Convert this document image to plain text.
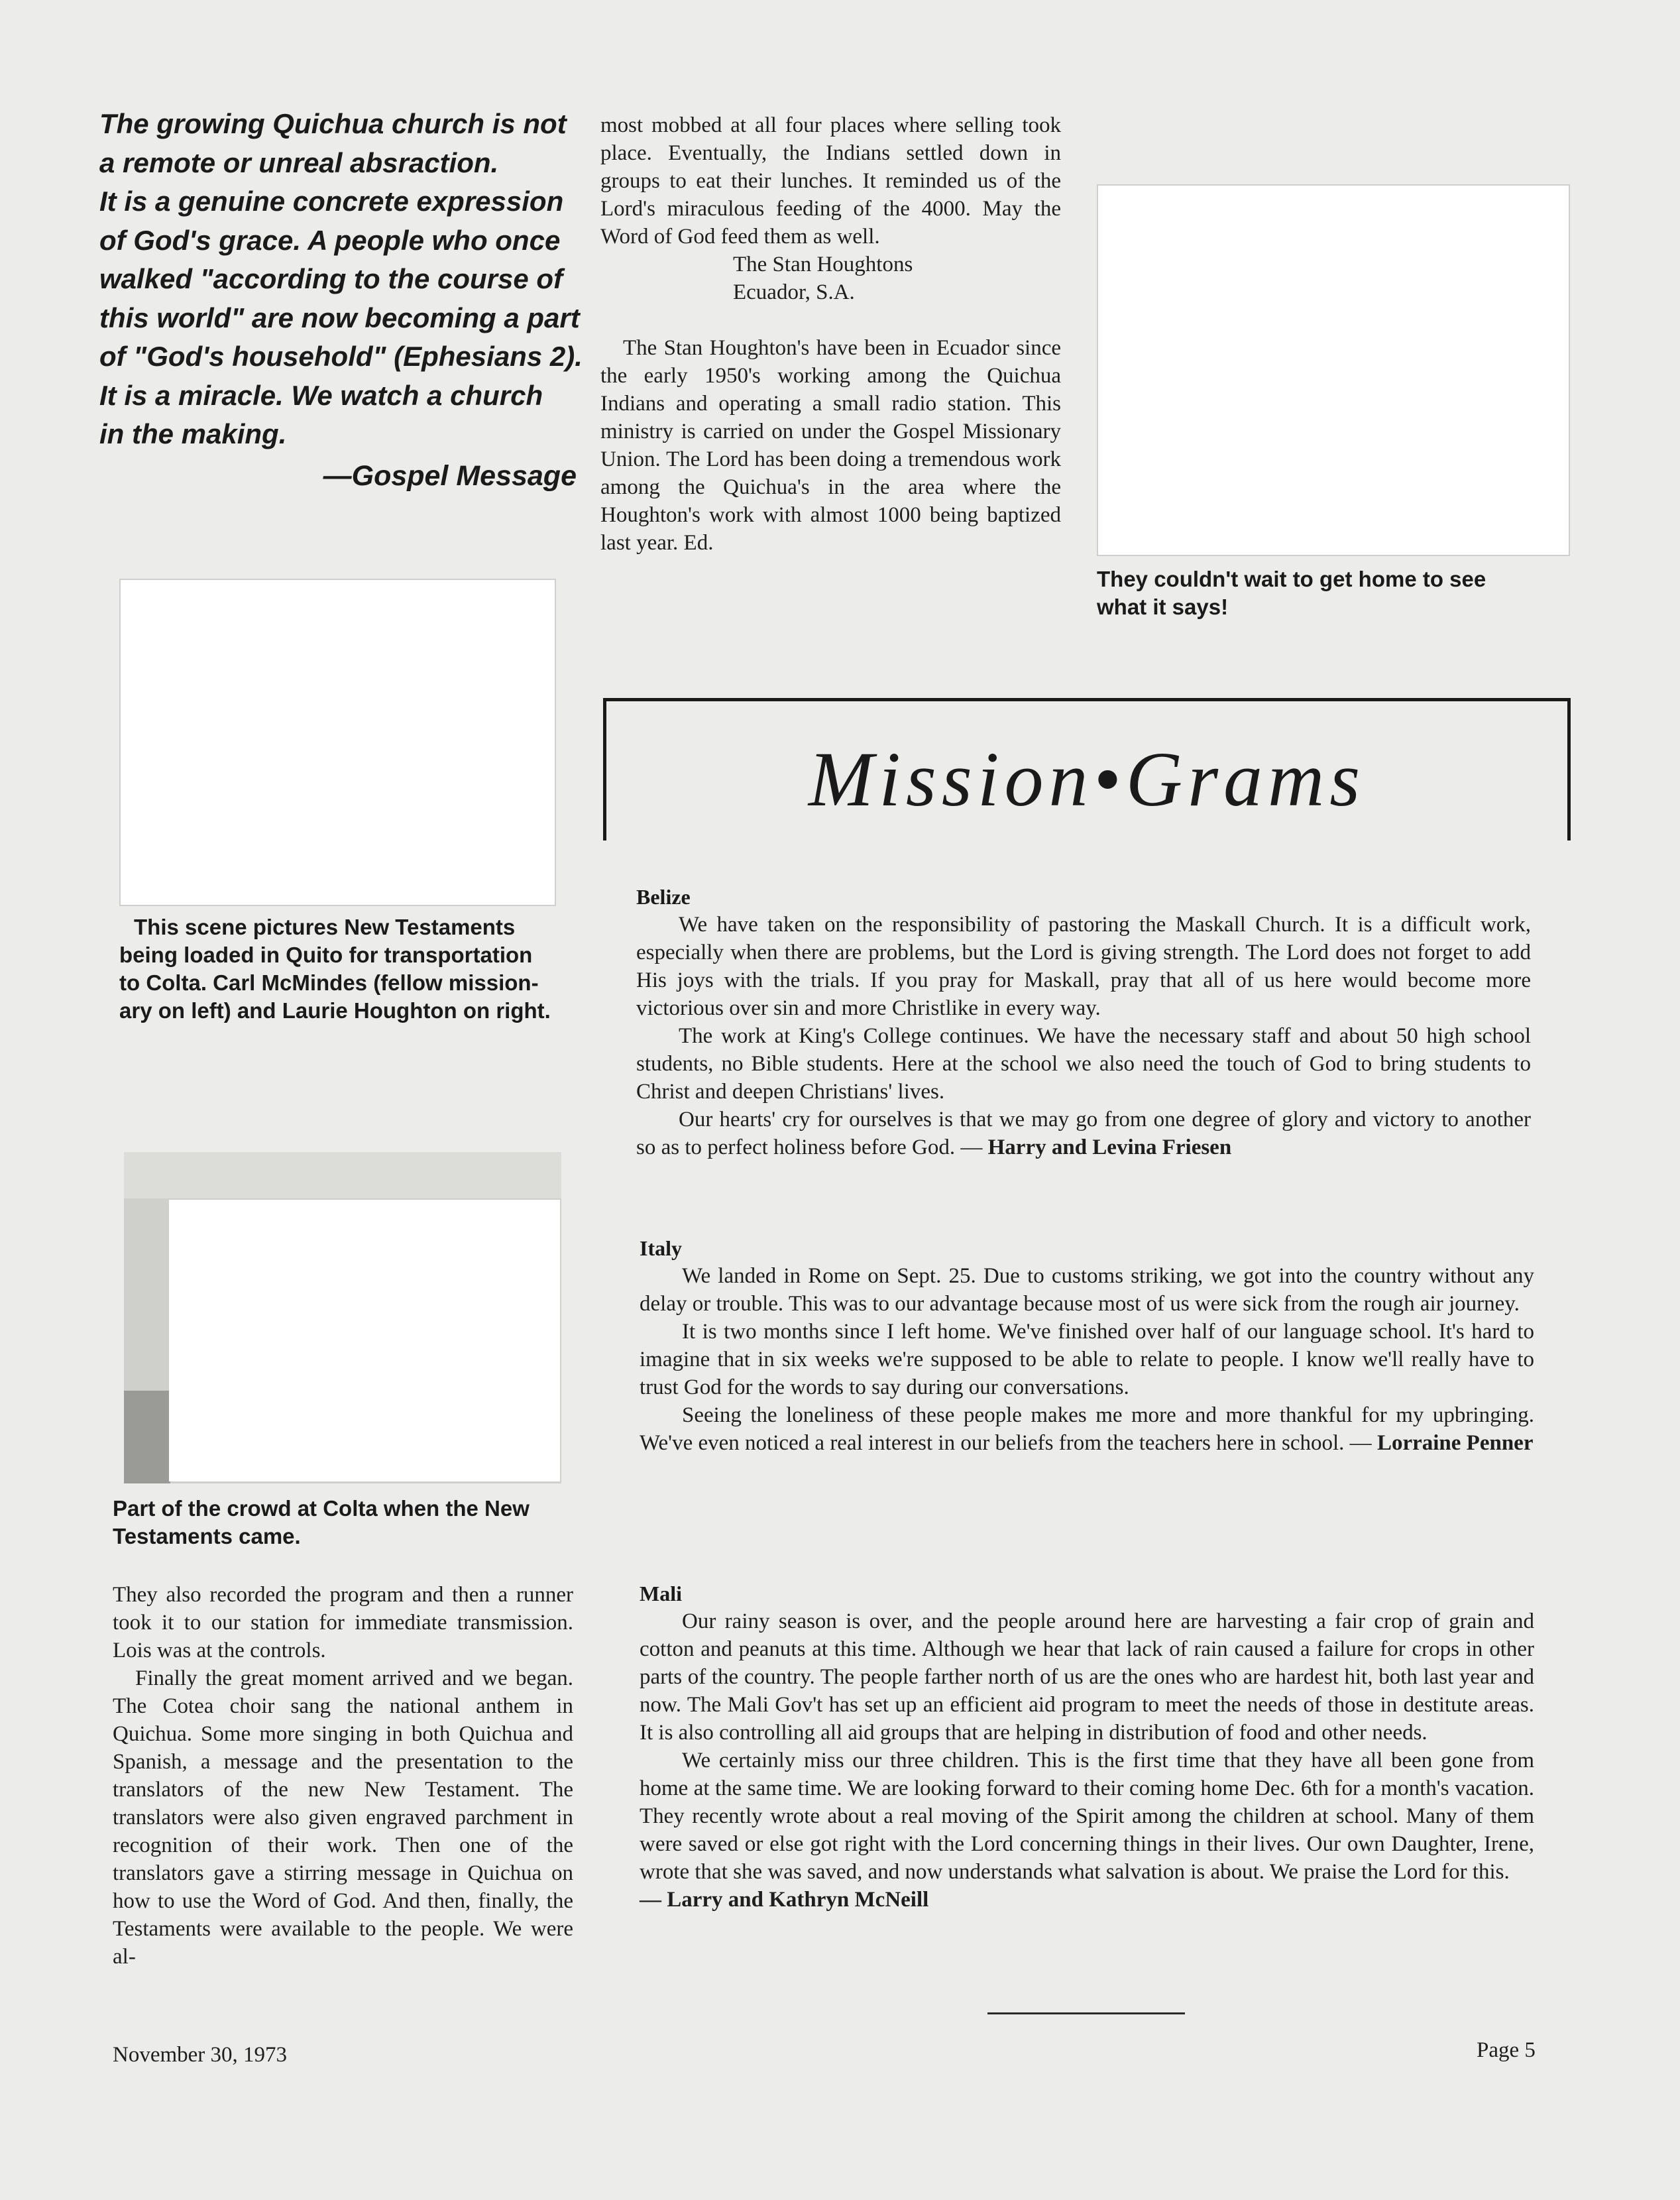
The growing Quichua church is not
a remote or unreal absraction.
It is a genuine concrete expression
of God's grace. A people who once
walked "according to the course of
this world" are now becoming a part
of "God's household" (Ephesians 2).
It is a miracle. We watch a church
in the making.
—Gospel Message
This scene pictures New Testaments
being loaded in Quito for transportation
to Colta. Carl McMindes (fellow mission-
ary on left) and Laurie Houghton on right.
Part of the crowd at Colta when the New
Testaments came.

They also recorded the program and then a runner took it to our station for immediate transmission. Lois was at the controls.

Finally the great moment arrived and we began. The Cotea choir sang the national anthem in Quichua. Some more singing in both Quichua and Spanish, a message and the presentation to the translators of the new New Testament. The translators were also given engraved parchment in recognition of their work. Then one of the translators gave a stirring message in Quichua on how to use the Word of God. And then, finally, the Testaments were available to the people. We were al-

most mobbed at all four places where selling took place. Eventually, the Indians settled down in groups to eat their lunches. It reminded us of the Lord's miraculous feeding of the 4000. May the Word of God feed them as well.

The Stan Houghtons

Ecuador, S.A.

The Stan Houghton's have been in Ecuador since the early 1950's working among the Quichua Indians and operating a small radio station. This ministry is carried on under the Gospel Missionary Union. The Lord has been doing a tremendous work among the Quichua's in the area where the Houghton's work with almost 1000 being baptized last year. Ed.

They couldn't wait to get home to see
what it says!
Mission•Grams
Belize

We have taken on the responsibility of pastoring the Maskall Church. It is a difficult work, especially when there are problems, but the Lord is giving strength. The Lord does not forget to add His joys with the trials. If you pray for Maskall, pray that all of us here would become more victorious over sin and more Christlike in every way.

The work at King's College continues. We have the necessary staff and about 50 high school students, no Bible students. Here at the school we also need the touch of God to bring students to Christ and deepen Christians' lives.

Our hearts' cry for ourselves is that we may go from one degree of glory and victory to another so as to perfect holiness before God. — Harry and Levina Friesen

Italy

We landed in Rome on Sept. 25. Due to customs striking, we got into the country without any delay or trouble. This was to our advantage because most of us were sick from the rough air journey.

It is two months since I left home. We've finished over half of our language school. It's hard to imagine that in six weeks we're supposed to be able to relate to people. I know we'll really have to trust God for the words to say during our conversations.

Seeing the loneliness of these people makes me more and more thankful for my upbringing. We've even noticed a real interest in our beliefs from the teachers here in school. — Lorraine Penner

Mali

Our rainy season is over, and the people around here are harvesting a fair crop of grain and cotton and peanuts at this time. Although we hear that lack of rain caused a failure for crops in other parts of the country. The people farther north of us are the ones who are hardest hit, both last year and now. The Mali Gov't has set up an efficient aid program to meet the needs of those in destitute areas. It is also controlling all aid groups that are helping in distribution of food and other needs.

We certainly miss our three children. This is the first time that they have all been gone from home at the same time. We are looking forward to their coming home Dec. 6th for a month's vacation. They recently wrote about a real moving of the Spirit among the children at school. Many of them were saved or else got right with the Lord concerning things in their lives. Our own Daughter, Irene, wrote that she was saved, and now understands what salvation is about. We praise the Lord for this.

— Larry and Kathryn McNeill
November 30, 1973	Page 5
